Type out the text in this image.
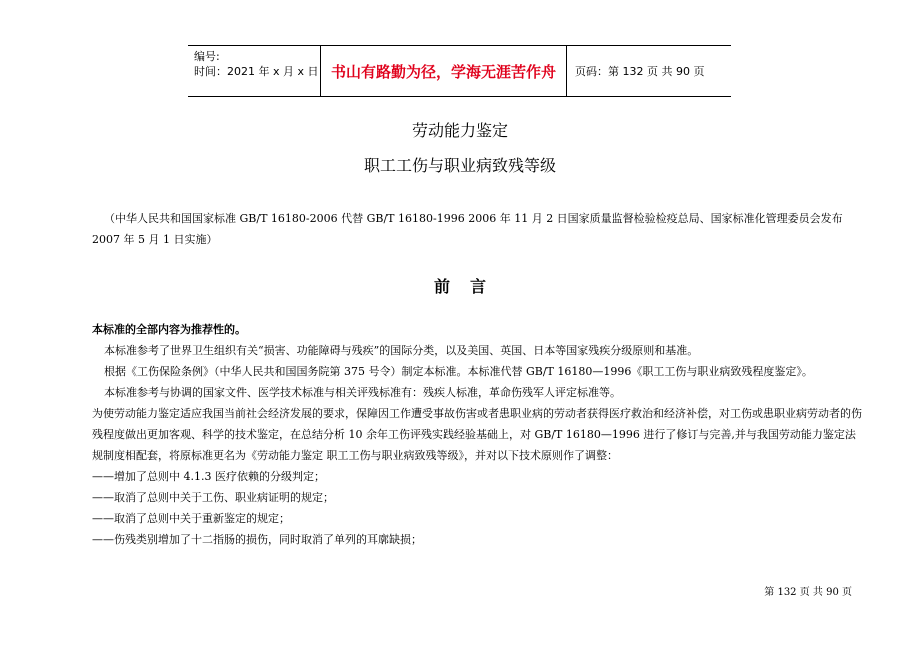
编号:
时间：2021 年 x 月 x 日 书山有路勤为径，学海无涯苦作舟	页码：第 132 页 共 90 页
劳动能力鉴定
职工工伤与职业病致残等级
（中华人民共和国国家标准 GB/T 16180-2006 代替 GB/T 16180-1996 2006 年 11 月 2 日国家质量监督检验检疫总局、国家标准化管理委员会发布 2007 年 5 月 1 日实施）
前言

本标准的全部内容为推荐性的。

本标准参考了世界卫生组织有关“损害、功能障碍与残疾”的国际分类，以及美国、英国、日本等国家残疾分级原则和基准。

根据《工伤保险条例》（中华人民共和国国务院第 375 号令）制定本标准。本标准代替 GB/T 16180—1996《职工工伤与职业病致残程度鉴定》。

本标准参考与协调的国家文件、医学技术标准与相关评残标准有：残疾人标准，革命伤残军人评定标准等。

为使劳动能力鉴定适应我国当前社会经济发展的要求，保障因工作遭受事故伤害或者患职业病的劳动者获得医疗救治和经济补偿，对工伤或患职业病劳动者的伤残程度做出更加客观、科学的技术鉴定，在总结分析 10 余年工伤评残实践经验基础上，对 GB/T 16180—1996 进行了修订与完善,并与我国劳动能力鉴定法规制度相配套，将原标准更名为《劳动能力鉴定 职工工伤与职业病致残等级》，并对以下技术原则作了调整：

——增加了总则中 4.1.3 医疗依赖的分级判定；

——取消了总则中关于工伤、职业病证明的规定；

——取消了总则中关于重新鉴定的规定；

——伤残类别增加了十二指肠的损伤，同时取消了单列的耳廓缺损；

第 132 页 共 90 页
